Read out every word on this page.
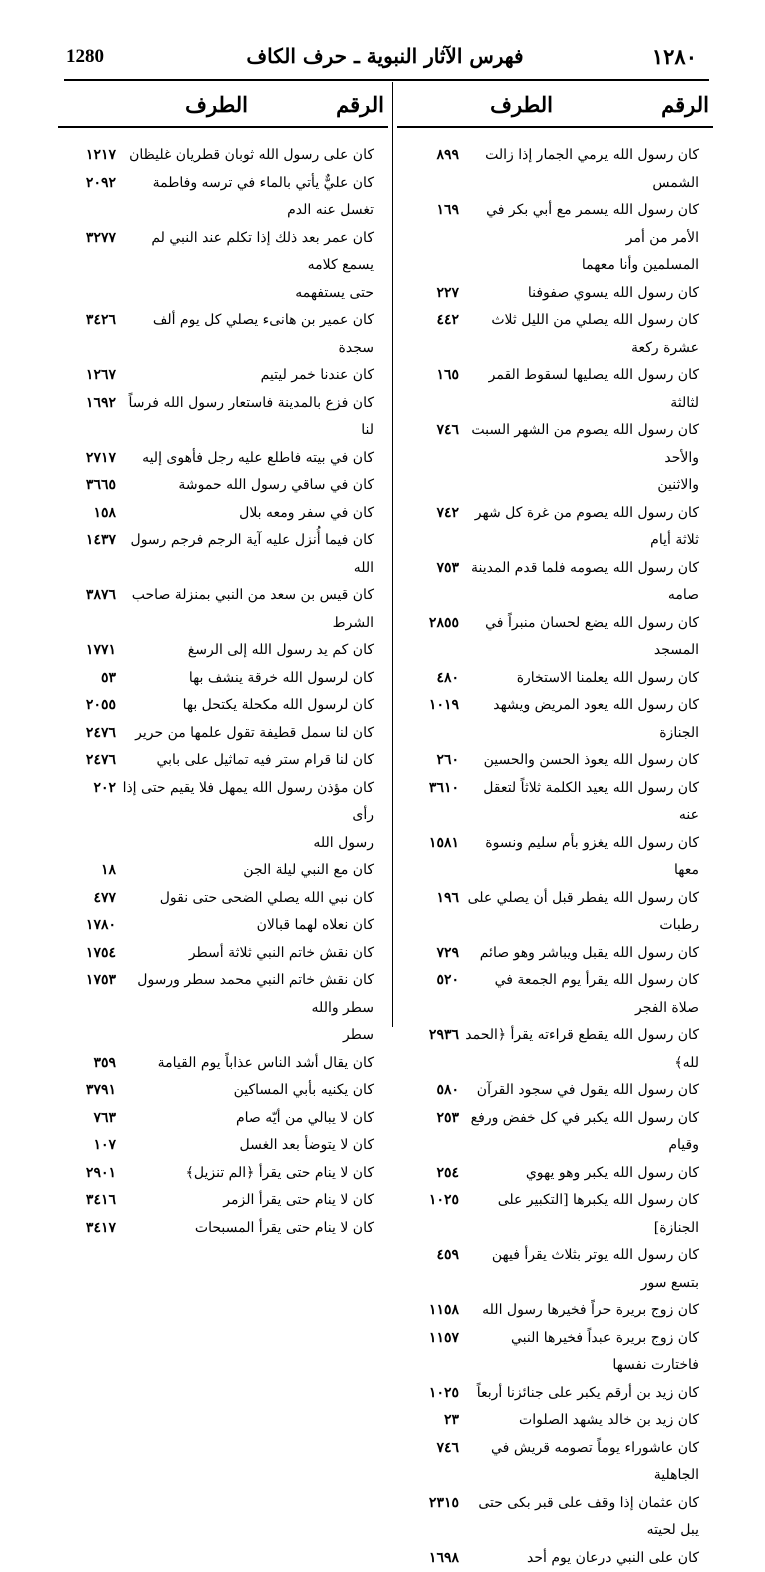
1280	فهرس الآثار النبوية ـ حرف الكاف	١٢٨٠
الرقم
الطرف
٨٩٩	كان رسول الله يرمي الجمار إذا زالت الشمس
١٦٩	كان رسول الله يسمر مع أبي بكر في الأمر من أمر
المسلمين وأنا معهما
٢٢٧	كان رسول الله يسوي صفوفنا
٤٤٢	كان رسول الله يصلي من الليل ثلاث عشرة ركعة
١٦٥	كان رسول الله يصليها لسقوط القمر لثالثة
٧٤٦ كان رسول الله يصوم من الشهر السبت والأحد
والاثنين
٧٤٢	كان رسول الله يصوم من غرة كل شهر ثلاثة أيام
٧٥٣ كان رسول الله يصومه فلما قدم المدينة صامه
٢٨٥٥	كان رسول الله يضع لحسان منبراً في المسجد
٤٨٠	كان رسول الله يعلمنا الاستخارة
١٠١٩	كان رسول الله يعود المريض ويشهد الجنازة
٢٦٠	كان رسول الله يعوذ الحسن والحسين
٣٦١٠	كان رسول الله يعيد الكلمة ثلاثاً لتعقل عنه
١٥٨١	كان رسول الله يغزو بأم سليم ونسوة معها
١٩٦ كان رسول الله يفطر قبل أن يصلي على رطبات
٧٢٩	كان رسول الله يقبل ويباشر وهو صائم
٥٢٠	كان رسول الله يقرأ يوم الجمعة في صلاة الفجر
٢٩٣٦ كان رسول الله يقطع قراءته يقرأ ﴿الحمد لله﴾
٥٨٠	كان رسول الله يقول في سجود القرآن
٢٥٣ كان رسول الله يكبر في كل خفض ورفع وقيام
٢٥٤	كان رسول الله يكبر وهو يهوي
١٠٢٥	كان رسول الله يكبرها [التكبير على الجنازة]
٤٥٩	كان رسول الله يوتر بثلاث يقرأ فيهن بتسع سور
١١٥٨	كان زوج بريرة حراً فخيرها رسول الله
١١٥٧	كان زوج بريرة عبداً فخيرها النبي فاختارت نفسها
١٠٢٥	كان زيد بن أرقم يكبر على جنائزنا أربعاً
٢٣	كان زيد بن خالد يشهد الصلوات
٧٤٦	كان عاشوراء يوماً تصومه قريش في الجاهلية
٢٣١٥	كان عثمان إذا وقف على قبر بكى حتى يبل لحيته
١٦٩٨	كان على النبي درعان يوم أحد
الرقم
الطرف
١٢١٧ كان على رسول الله ثوبان قطريان غليظان
٢٠٩٢	كان عليٌّ يأتي بالماء في ترسه وفاطمة تغسل عنه الدم
٣٢٧٧	كان عمر بعد ذلك إذا تكلم عند النبي لم يسمع كلامه
حتى يستفهمه
٣٤٢٦	كان عمير بن هانىء يصلي كل يوم ألف سجدة
١٢٦٧	كان عندنا خمر ليتيم
١٦٩٢ كان فزع بالمدينة فاستعار رسول الله فرساً لنا
٢٧١٧	كان في بيته فاطلع عليه رجل فأهوى إليه
٣٦٦٥	كان في ساقي رسول الله حموشة
١٥٨	كان في سفر ومعه بلال
١٤٣٧	كان فيما أُنزل عليه آية الرجم فرجم رسول الله
٣٨٧٦	كان قيس بن سعد من النبي بمنزلة صاحب الشرط
١٧٧١	كان كم يد رسول الله إلى الرسغ
٥٣	كان لرسول الله خرقة ينشف بها
٢٠٥٥	كان لرسول الله مكحلة يكتحل بها
٢٤٧٦	كان لنا سمل قطيفة تقول علمها من حرير
٢٤٧٦	كان لنا قرام ستر فيه تماثيل على بابي
٢٠٢ كان مؤذن رسول الله يمهل فلا يقيم حتى إذا رأى
رسول الله
١٨	كان مع النبي ليلة الجن
٤٧٧	كان نبي الله يصلي الضحى حتى نقول
١٧٨٠	كان نعلاه لهما قبالان
١٧٥٤	كان نقش خاتم النبي ثلاثة أسطر
١٧٥٣	كان نقش خاتم النبي محمد سطر ورسول سطر والله
سطر
٣٥٩	كان يقال أشد الناس عذاباً يوم القيامة
٣٧٩١	كان يكنيه بأبي المساكين
٧٦٣	كان لا يبالي من أيّه صام
١٠٧	كان لا يتوضأ بعد الغسل
٢٩٠١	كان لا ينام حتى يقرأ ﴿الم تنزيل﴾
٣٤١٦	كان لا ينام حتى يقرأ الزمر
٣٤١٧	كان لا ينام حتى يقرأ المسبحات
